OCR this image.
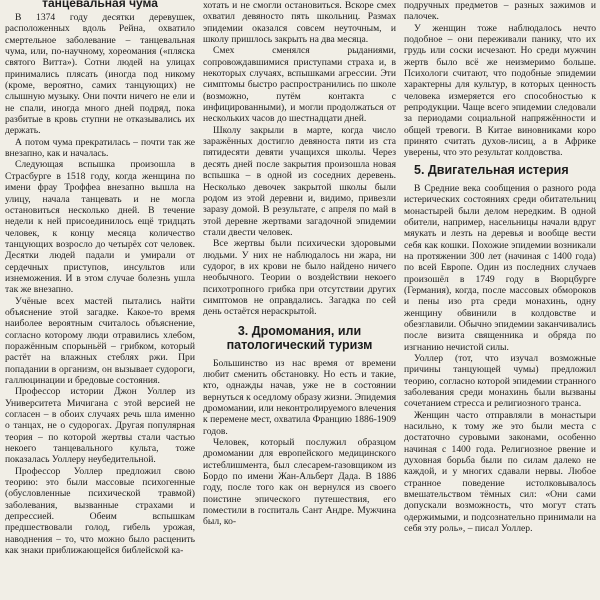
танцевальная чума

В 1374 году десятки деревушек, расположенных вдоль Рейна, охватило смертельное заболевание – танцевальная чума, или, по-научному, хореомания («пляска святого Витта»). Сотни людей на улицах принимались плясать (иногда под никому (кроме, вероятно, самих танцующих) не слышную музыку. Они почти ничего не ели и не спали, иногда много дней подряд, пока разбитые в кровь ступни не отказывались их держать.

А потом чума прекратилась – почти так же внезапно, как и началась.

Следующая вспышка произошла в Страсбурге в 1518 году, когда женщина по имени фрау Троффеа внезапно вышла на улицу, начала танцевать и не могла остановиться несколько дней. В течение недели к ней присоединилось ещё тридцать человек, к концу месяца количество танцующих возросло до четырёх сот человек. Десятки людей падали и умирали от сердечных приступов, инсультов или изнеможения. И в этом случае болезнь ушла так же внезапно.

Учёные всех мастей пытались найти объяснение этой загадке. Какое-то время наиболее вероятным считалось объяснение, согласно которому люди отравились хлебом, поражённым спорыньёй – грибком, который растёт на влажных стеблях ржи. При попадании в организм, он вызывает судороги, галлюцинации и бредовые состояния.

Профессор истории Джон Уоллер из Университета Мичигана с этой версией не согласен – в обоих случаях речь шла именно о танцах, не о судорогах. Другая популярная теория – по которой жертвы стали частью некоего танцевального культа, тоже показалась Уоллеру неубедительной.

Профессор Уоллер предложил свою теорию: это были массовые психогенные (обусловленные психической травмой) заболевания, вызванные страхами и депрессией. Обеим вспышкам предшествовали голод, гибель урожая, наводнения – то, что можно было расценить как знаки приближающейся библейской ка-

хотать и не смогли остановиться. Вскоре смех охватил девяносто пять школьниц. Размах эпидемии оказался совсем неуточным, и школу пришлось закрыть на два месяца.

Смех сменялся рыданиями, сопровождавшимися приступами страха и, в некоторых случаях, вспышками агрессии. Эти симптомы быстро распространились по школе (возможно, путём контакта с инфицированными), и могли продолжаться от нескольких часов до шестнадцати дней.

Школу закрыли в марте, когда число заражённых достигло девяноста пяти из ста пятидесяти девяти учащихся школы. Через десять дней после закрытия произошла новая вспышка – в одной из соседних деревень. Несколько девочек закрытой школы были родом из этой деревни и, видимо, привезли заразу домой. В результате, с апреля по май в этой деревне жертвами загадочной эпидемии стали двести человек.

Все жертвы были психически здоровыми людьми. У них не наблюдалось ни жара, ни судорог, в их крови не было найдено ничего необычного. Теории о воздействии некоего психотропного грибка при отсутствии других симптомов не оправдались. Загадка по сей день остаётся нераскрытой.

3. Дромомания, или патологический туризм

Большинство из нас время от времени любит сменить обстановку. Но есть и такие, кто, однажды начав, уже не в состоянии вернуться к оседлому образу жизни. Эпидемия дромомании, или неконтролируемого влечения к перемене мест, охватила Францию 1886-1909 годов.

Человек, который послужил образцом дромомании для европейского медицинского истеблишмента, был слесарем-газовщиком из Бордо по имени Жан-Альберт Дада. В 1886 году, после того как он вернулся из своего поистине эпического путешествия, его поместили в госпиталь Сант Андре. Мужчина был, ко-

подручных предметов – разных зажимов и палочек.

У женщин тоже наблюдалось нечто подобное – они переживали панику, что их грудь или соски исчезают. Но среди мужчин жертв было всё же неизмеримо больше. Психологи считают, что подобные эпидемии характерны для культур, в которых ценность человека измеряется его способностью к репродукции. Чаще всего эпидемии следовали за периодами социальной напряжённости и общей тревоги. В Китае виновниками коро принято считать духов-лисиц, а в Африке уверены, что это результат колдовства.

5. Двигательная истерия

В Средние века сообщения о разного рода истерических состояниях среди обитательниц монастырей были делом нередким. В одной обители, например, насельницы начали вдруг мяукать и лезть на деревья и вообще вести себя как кошки. Похожие эпидемии возникали на протяжении 300 лет (начиная с 1400 года) по всей Европе. Один из последних случаев произошёл в 1749 году в Вюрцбурге (Германия), когда, после массовых обмороков и пены изо рта среди монахинь, одну женщину обвинили в колдовстве и обезглавили. Обычно эпидемии заканчивались после визита священника и обряда по изгнанию нечистой силы.

Уоллер (тот, что изучал возможные причины танцующей чумы) предложил теорию, согласно которой эпидемии странного заболевания среди монахинь были вызваны сочетанием стресса и религиозного транса.

Женщин часто отправляли в монастыри насильно, к тому же это были места с достаточно суровыми законами, особенно начиная с 1400 года. Религиозное рвение и духовная борьба были по силам далеко не каждой, и у многих сдавали нервы. Любое странное поведение истолковывалось вмешательством тёмных сил: «Они сами допускали возможность, что могут стать одержимыми, и подсознательно принимали на себя эту роль», – писал Уоллер.
